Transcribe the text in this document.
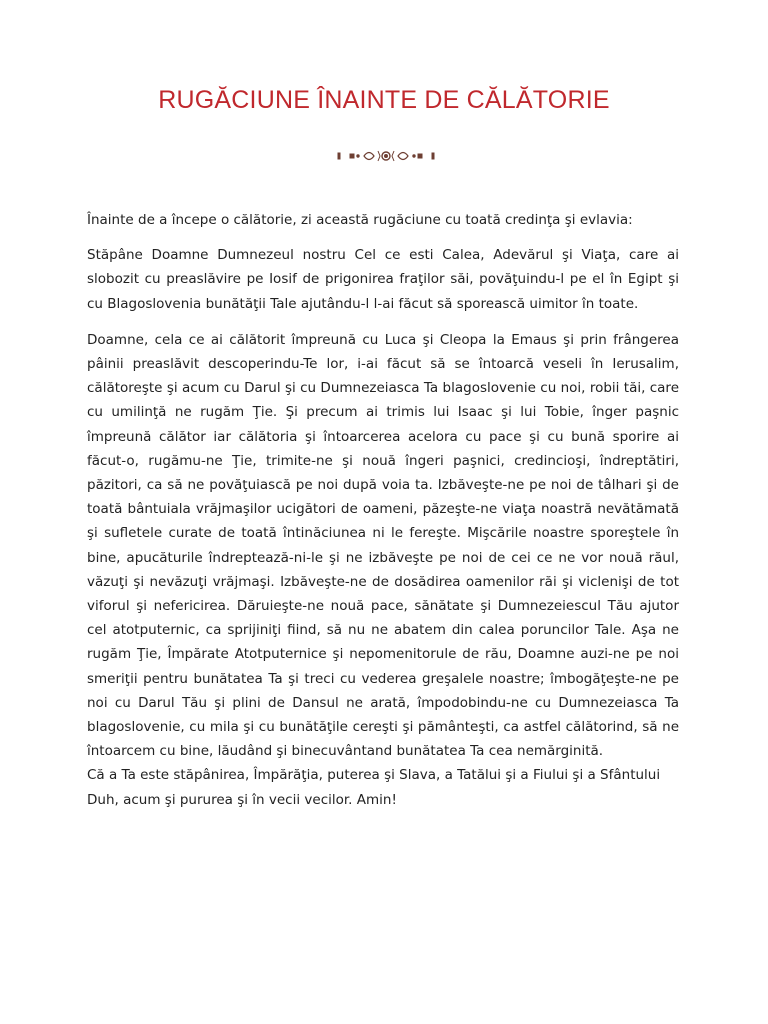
RUGĂCIUNE ÎNAINTE DE CĂLĂTORIE

Înainte de a începe o călătorie, zi această rugăciune cu toată credinţa şi evlavia:

Stăpâne Doamne Dumnezeul nostru Cel ce esti Calea, Adevărul şi Viaţa, care ai slobozit cu preaslăvire pe Iosif de prigonirea fraţilor săi, povăţuindu-l pe el în Egipt şi cu Blagoslovenia bunătăţii Tale ajutându-l l-ai făcut să sporească uimitor în toate.

Doamne, cela ce ai călătorit împreună cu Luca şi Cleopa la Emaus şi prin frângerea pâinii preaslăvit descoperindu-Te lor, i-ai făcut să se întoarcă veseli în Ierusalim, călătoreşte şi acum cu Darul şi cu Dumnezeiasca Ta blagoslovenie cu noi, robii tăi, care cu umilinţă ne rugăm Ţie. Şi precum ai trimis lui Isaac şi lui Tobie, înger paşnic împreună călător iar călătoria şi întoarcerea acelora cu pace şi cu bună sporire ai făcut-o, rugămu-ne Ţie, trimite-ne şi nouă îngeri paşnici, credincioşi, îndreptătiri, păzitori, ca să ne povăţuiască pe noi după voia ta. Izbăveşte-ne pe noi de tâlhari şi de toată bântuiala vrăjmaşilor ucigători de oameni, păzeşte-ne viaţa noastră nevătămată şi sufletele curate de toată întinăciunea ni le fereşte. Mişcările noastre sporeştele în bine, apucăturile îndreptează-ni-le şi ne izbăveşte pe noi de cei ce ne vor nouă răul, văzuţi şi nevăzuţi vrăjmaşi. Izbăveşte-ne de dosădirea oamenilor răi şi viclenişi de tot viforul şi nefericirea. Dăruieşte-ne nouă pace, sănătate şi Dumnezeiescul Tău ajutor cel atotputernic, ca sprijiniţi fiind, să nu ne abatem din calea poruncilor Tale. Aşa ne rugăm Ţie, Împărate Atotputernice şi nepomenitorule de rău, Doamne auzi-ne pe noi smeriţii pentru bunătatea Ta şi treci cu vederea greşalele noastre; îmbogăţeşte-ne pe noi cu Darul Tău şi plini de Dansul ne arată, împodobindu-ne cu Dumnezeiasca Ta blagoslovenie, cu mila şi cu bunătăţile cereşti şi pământeşti, ca astfel călătorind, să ne întoarcem cu bine, lăudând şi binecuvântand bunătatea Ta cea nemărginită.

Că a Ta este stăpânirea, Împărăţia, puterea şi Slava, a Tatălui şi a Fiului şi a Sfântului Duh, acum şi pururea şi în vecii vecilor. Amin!
